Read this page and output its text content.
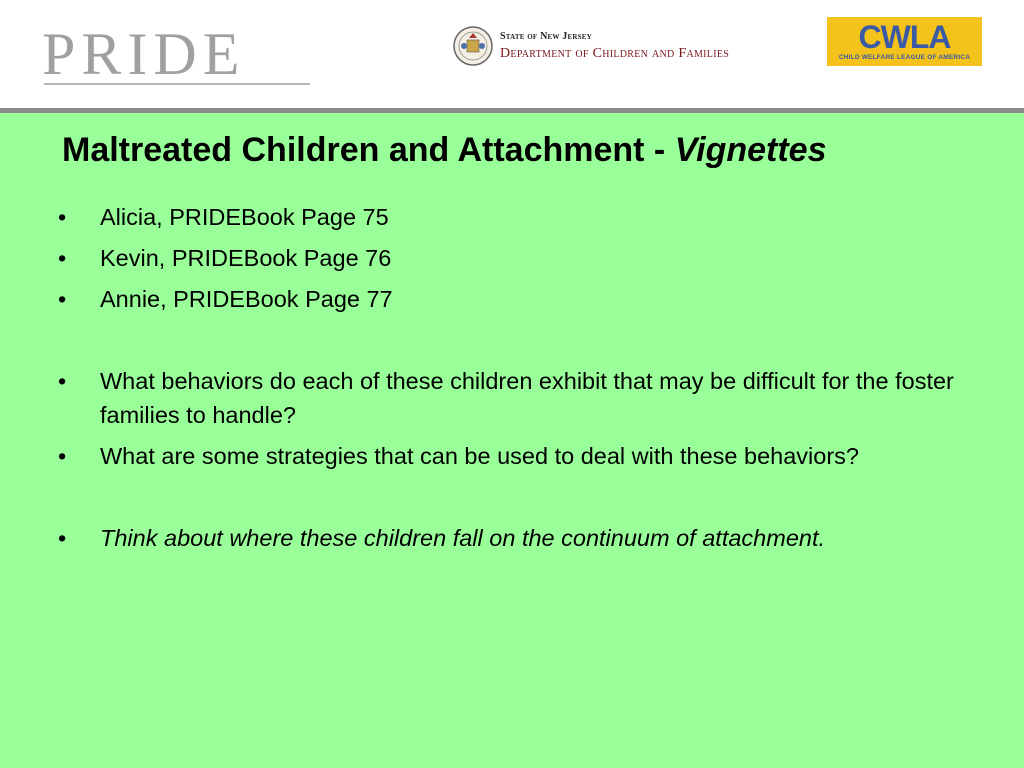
PRIDE	State of New Jersey
Department of Children and Families	CWLA
CHILD WELFARE LEAGUE OF AMERICA
Maltreated Children and Attachment - Vignettes
• Alicia, PRIDEBook Page 75
• Kevin, PRIDEBook Page 76
• Annie, PRIDEBook Page 77
• What behaviors do each of these children exhibit that may be difficult for the foster families to handle?
• What are some strategies that can be used to deal with these behaviors?
• Think about where these children fall on the continuum of attachment.
